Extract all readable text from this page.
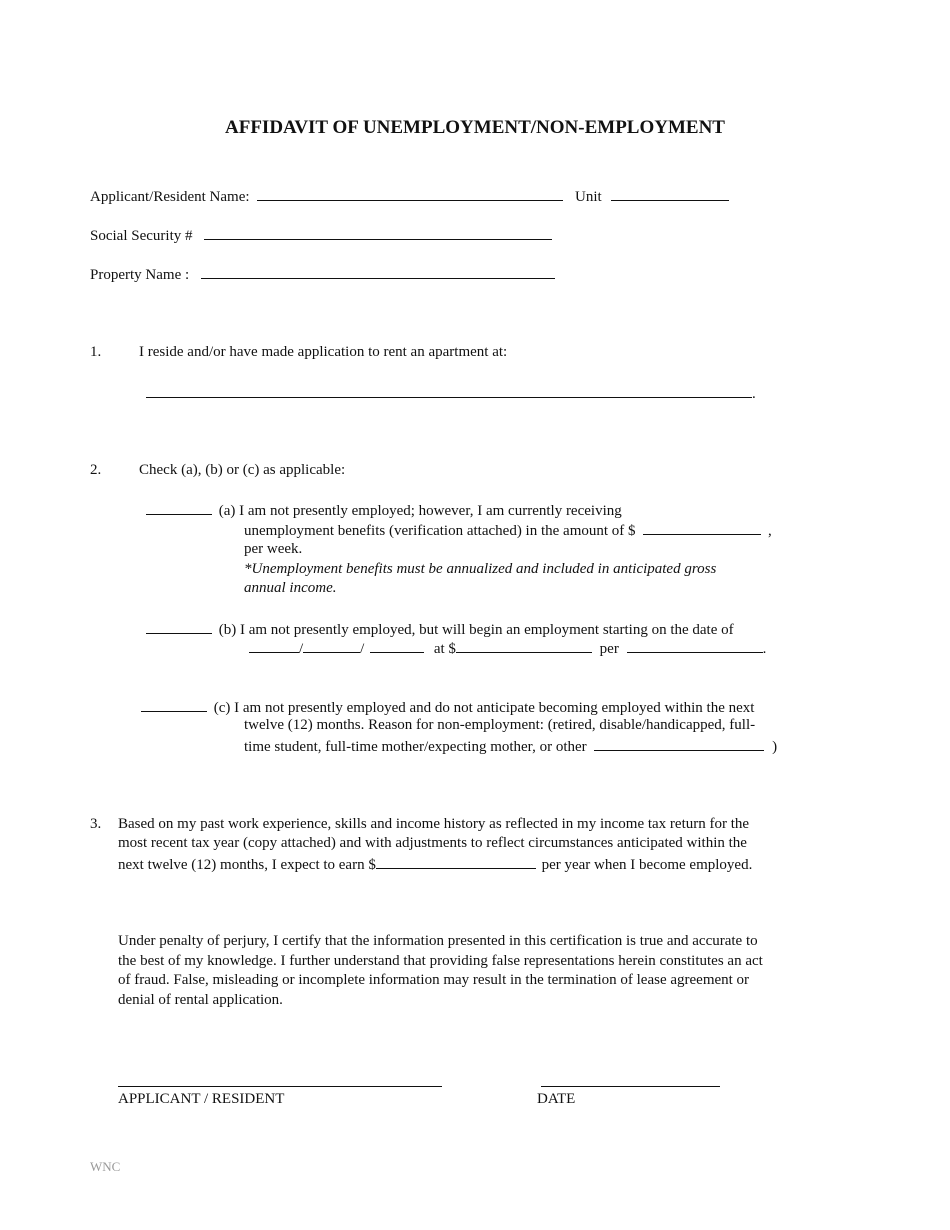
AFFIDAVIT OF UNEMPLOYMENT/NON-EMPLOYMENT
Applicant/Resident Name:	Unit
Social Security #
Property Name :
1.	I reside and/or have made application to rent an apartment at:
.
2.	Check (a), (b) or (c) as applicable:
(a) I am not presently employed; however, I am currently receiving
unemployment benefits (verification attached) in the amount of $	,
per week.
*Unemployment benefits must be annualized and included in anticipated gross
annual income.
(b) I am not presently employed, but will begin an employment starting on the date of
/	/	at $	per	.
(c) I am not presently employed and do not anticipate becoming employed within the next
twelve (12) months. Reason for non-employment: (retired, disable/handicapped, full-
time student, full-time mother/expecting mother, or other	)
3. Based on my past work experience, skills and income history as reflected in my income tax return for the
most recent tax year (copy attached) and with adjustments to reflect circumstances anticipated within the
next twelve (12) months, I expect to earn $	per year when I become employed.
Under penalty of perjury, I certify that the information presented in this certification is true and accurate to
the best of my knowledge. I further understand that providing false representations herein constitutes an act
of fraud. False, misleading or incomplete information may result in the termination of lease agreement or
denial of rental application.
APPLICANT / RESIDENT	DATE
WNC
